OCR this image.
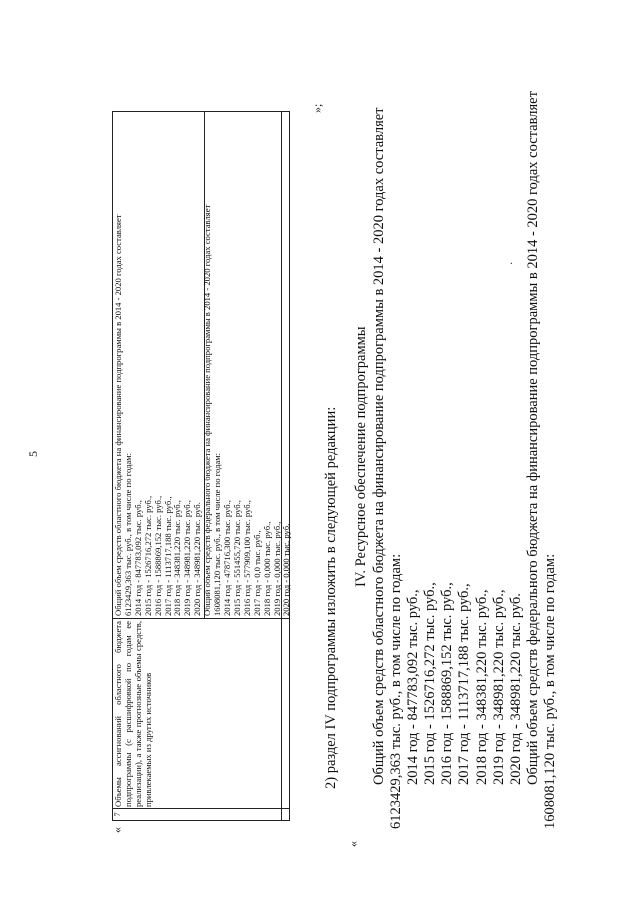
5
«
7
Объемы ассигнований областного бюджета подпрограммы (с расшифровкой по годам ее реализации), а также прогнозные объемы средств, привлекаемых из других источников
Общий объем средств областного бюджета на финансирование подпрограммы в 2014 - 2020 годах составляет 6123429,363 тыс. руб., в том числе по годам: 2014 год - 847783,092 тыс. руб., 2015 год - 1526716,272 тыс. руб., 2016 год - 1588869,152 тыс. руб., 2017 год - 1113717,188 тыс. руб., 2018 год - 348381,220 тыс. руб., 2019 год - 348981,220 тыс. руб., 2020 год - 348981,220 тыс. руб. Общий объем средств федерального бюджета на финансирование подпрограммы в 2014 - 2020 годах составляет 1608081,120 тыс. руб., в том числе по годам: 2014 год - 478716,300 тыс. руб., 2015 год - 551455,720 тыс. руб., 2016 год - 577909,100 тыс. руб., 2017 год - 0,0 тыс. руб., 2018 год - 0,000 тыс. руб., 2019 год - 0,000 тыс. руб., 2020 год - 0,000 тыс. руб.
»;
2) раздел IV подпрограммы изложить в следующей редакции:
«
IV. Ресурсное обеспечение подпрограммы Общий объем средств областного бюджета на финансирование подпрограммы в 2014 - 2020 годах составляет 6123429,363 тыс. руб., в том числе по годам: 2014 год - 847783,092 тыс. руб., 2015 год - 1526716,272 тыс. руб., 2016 год - 1588869,152 тыс. руб., 2017 год - 1113717,188 тыс. руб., 2018 год - 348381,220 тыс. руб., 2019 год - 348981,220 тыс. руб., 2020 год - 348981,220 тыс. руб. Общий объем средств федерального бюджета на финансирование подпрограммы в 2014 - 2020 годах составляет 1608081,120 тыс. руб., в том числе по годам:
·
